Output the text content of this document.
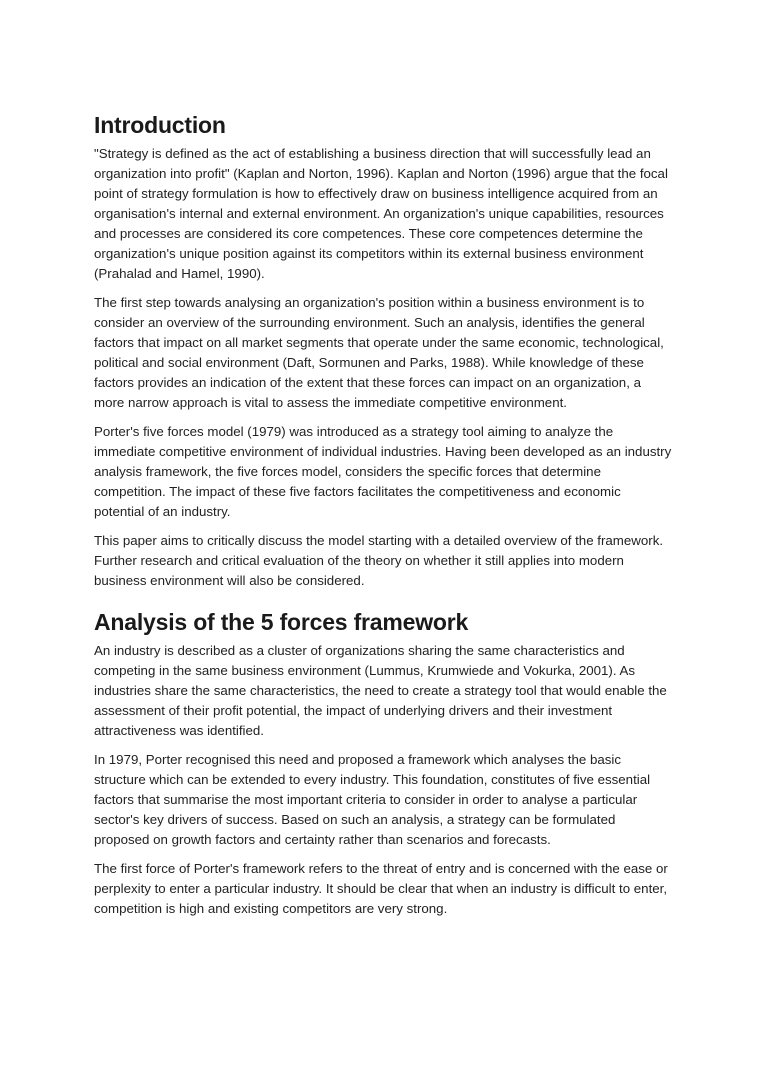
Introduction

"Strategy is defined as the act of establishing a business direction that will successfully lead an organization into profit" (Kaplan and Norton, 1996). Kaplan and Norton (1996) argue that the focal point of strategy formulation is how to effectively draw on business intelligence acquired from an organisation's internal and external environment. An organization's unique capabilities, resources and processes are considered its core competences. These core competences determine the organization's unique position against its competitors within its external business environment (Prahalad and Hamel, 1990).

The first step towards analysing an organization's position within a business environment is to consider an overview of the surrounding environment. Such an analysis, identifies the general factors that impact on all market segments that operate under the same economic, technological, political and social environment (Daft, Sormunen and Parks, 1988). While knowledge of these factors provides an indication of the extent that these forces can impact on an organization, a more narrow approach is vital to assess the immediate competitive environment.

Porter's five forces model (1979) was introduced as a strategy tool aiming to analyze the immediate competitive environment of individual industries. Having been developed as an industry analysis framework, the five forces model, considers the specific forces that determine competition. The impact of these five factors facilitates the competitiveness and economic potential of an industry.

This paper aims to critically discuss the model starting with a detailed overview of the framework. Further research and critical evaluation of the theory on whether it still applies into modern business environment will also be considered.

Analysis of the 5 forces framework

An industry is described as a cluster of organizations sharing the same characteristics and competing in the same business environment (Lummus, Krumwiede and Vokurka, 2001). As industries share the same characteristics, the need to create a strategy tool that would enable the assessment of their profit potential, the impact of underlying drivers and their investment attractiveness was identified.

In 1979, Porter recognised this need and proposed a framework which analyses the basic structure which can be extended to every industry. This foundation, constitutes of five essential factors that summarise the most important criteria to consider in order to analyse a particular sector's key drivers of success. Based on such an analysis, a strategy can be formulated proposed on growth factors and certainty rather than scenarios and forecasts.

The first force of Porter's framework refers to the threat of entry and is concerned with the ease or perplexity to enter a particular industry. It should be clear that when an industry is difficult to enter, competition is high and existing competitors are very strong.
